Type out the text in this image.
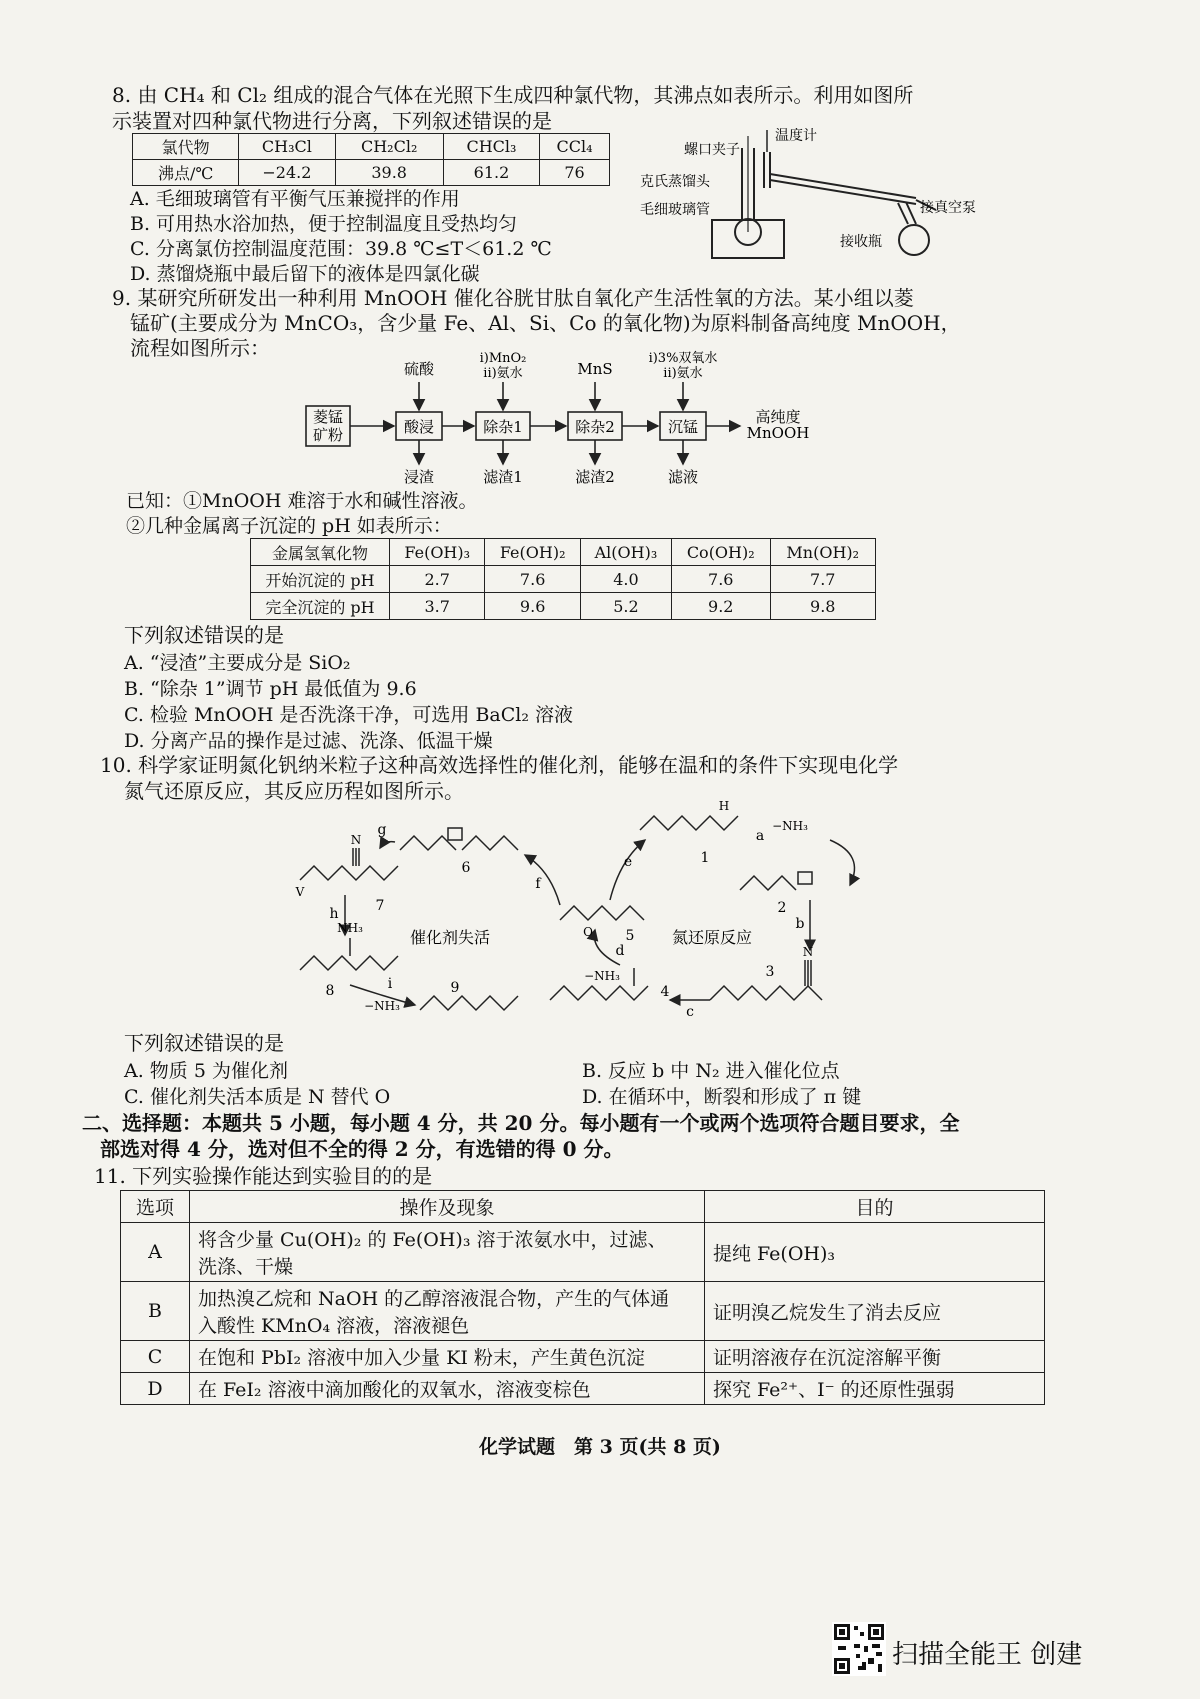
8. 由 CH₄ 和 Cl₂ 组成的混合气体在光照下生成四种氯代物，其沸点如表所示。利用如图所
示装置对四种氯代物进行分离，下列叙述错误的是
氯代物	CH₃Cl	CH₂Cl₂	CHCl₃	CCl₄
沸点/℃	−24.2	39.8	61.2	76
A. 毛细玻璃管有平衡气压兼搅拌的作用
B. 可用热水浴加热，便于控制温度且受热均匀
C. 分离氯仿控制温度范围：39.8 ℃≤T＜61.2 ℃
D. 蒸馏烧瓶中最后留下的液体是四氯化碳
螺口夹子
温度计
克氏蒸馏头
毛细玻璃管	接真空泵
接收瓶
9. 某研究所研发出一种利用 MnOOH 催化谷胱甘肽自氧化产生活性氧的方法。某小组以菱
锰矿(主要成分为 MnCO₃，含少量 Fe、Al、Si、Co 的氧化物)为原料制备高纯度 MnOOH，
流程如图所示：
菱锰
矿粉	酸浸	除杂1	除杂2	沉锰
硫酸
i)MnO₂
ii)氨水	MnS
i)3%双氧水
ii)氨水
浸渣	滤渣1	滤渣2	滤液
高纯度
MnOOH
已知：①MnOOH 难溶于水和碱性溶液。
②几种金属离子沉淀的 pH 如表所示：
金属氢氧化物	Fe(OH)₃	Fe(OH)₂	Al(OH)₃	Co(OH)₂	Mn(OH)₂
开始沉淀的 pH	2.7	7.6	4.0	7.6	7.7
完全沉淀的 pH	3.7	9.6	5.2	9.2	9.8
下列叙述错误的是
A. “浸渣”主要成分是 SiO₂
B. “除杂 1”调节 pH 最低值为 9.6
C. 检验 MnOOH 是否洗涤干净，可选用 BaCl₂ 溶液
D. 分离产品的操作是过滤、洗涤、低温干燥
10. 科学家证明氮化钒纳米粒子这种高效选择性的催化剂，能够在温和的条件下实现电化学
氮气还原反应，其反应历程如图所示。
6
7
8	9
5
1
2
3
4
a
b
c
d
e
f
g
h
i
−NH₃
−NH₃
−NH₃
NH₃
N
N
V
O
H
催化剂失活	氮还原反应
下列叙述错误的是
A. 物质 5 为催化剂	B. 反应 b 中 N₂ 进入催化位点
C. 催化剂失活本质是 N 替代 O	D. 在循环中，断裂和形成了 π 键
二、选择题：本题共 5 小题，每小题 4 分，共 20 分。每小题有一个或两个选项符合题目要求，全
部选对得 4 分，选对但不全的得 2 分，有选错的得 0 分。
11. 下列实验操作能达到实验目的的是
选项	操作及现象	目的
A	将含少量 Cu(OH)₂ 的 Fe(OH)₃ 溶于浓氨水中，过滤、
洗涤、干燥	提纯 Fe(OH)₃
B	加热溴乙烷和 NaOH 的乙醇溶液混合物，产生的气体通
入酸性 KMnO₄ 溶液，溶液褪色	证明溴乙烷发生了消去反应
C	在饱和 PbI₂ 溶液中加入少量 KI 粉末，产生黄色沉淀	证明溶液存在沉淀溶解平衡
D	在 FeI₂ 溶液中滴加酸化的双氧水，溶液变棕色	探究 Fe²⁺、I⁻ 的还原性强弱
化学试题　第 3 页(共 8 页)
扫描全能王 创建
